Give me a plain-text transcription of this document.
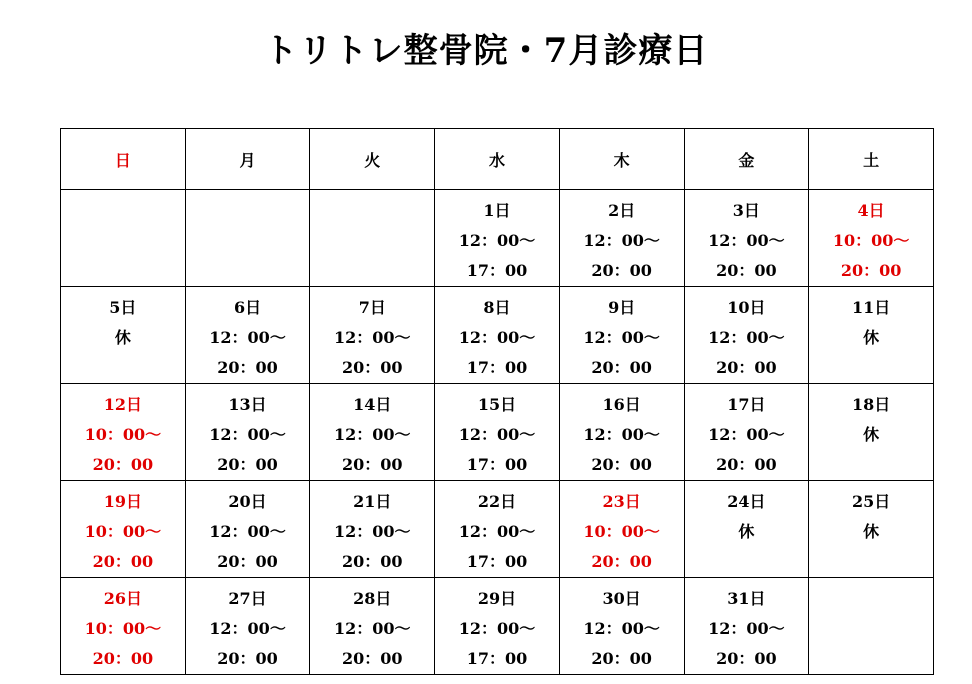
トリトレ整骨院・7月診療日
日	月	火	水	木	金	土

			1日
12：00〜
17：00	2日
12：00〜
20：00	3日
12：00〜
20：00	4日
10：00〜
20：00

5日
休	6日
12：00〜
20：00	7日
12：00〜
20：00	8日
12：00〜
17：00	9日
12：00〜
20：00	10日
12：00〜
20：00	11日
休

12日
10：00〜
20：00	13日
12：00〜
20：00	14日
12：00〜
20：00	15日
12：00〜
17：00	16日
12：00〜
20：00	17日
12：00〜
20：00	18日
休

19日
10：00〜
20：00	20日
12：00〜
20：00	21日
12：00〜
20：00	22日
12：00〜
17：00	23日
10：00〜
20：00	24日
休	25日
休

26日
10：00〜
20：00	27日
12：00〜
20：00	28日
12：00〜
20：00	29日
12：00〜
17：00	30日
12：00〜
20：00	31日
12：00〜
20：00	
